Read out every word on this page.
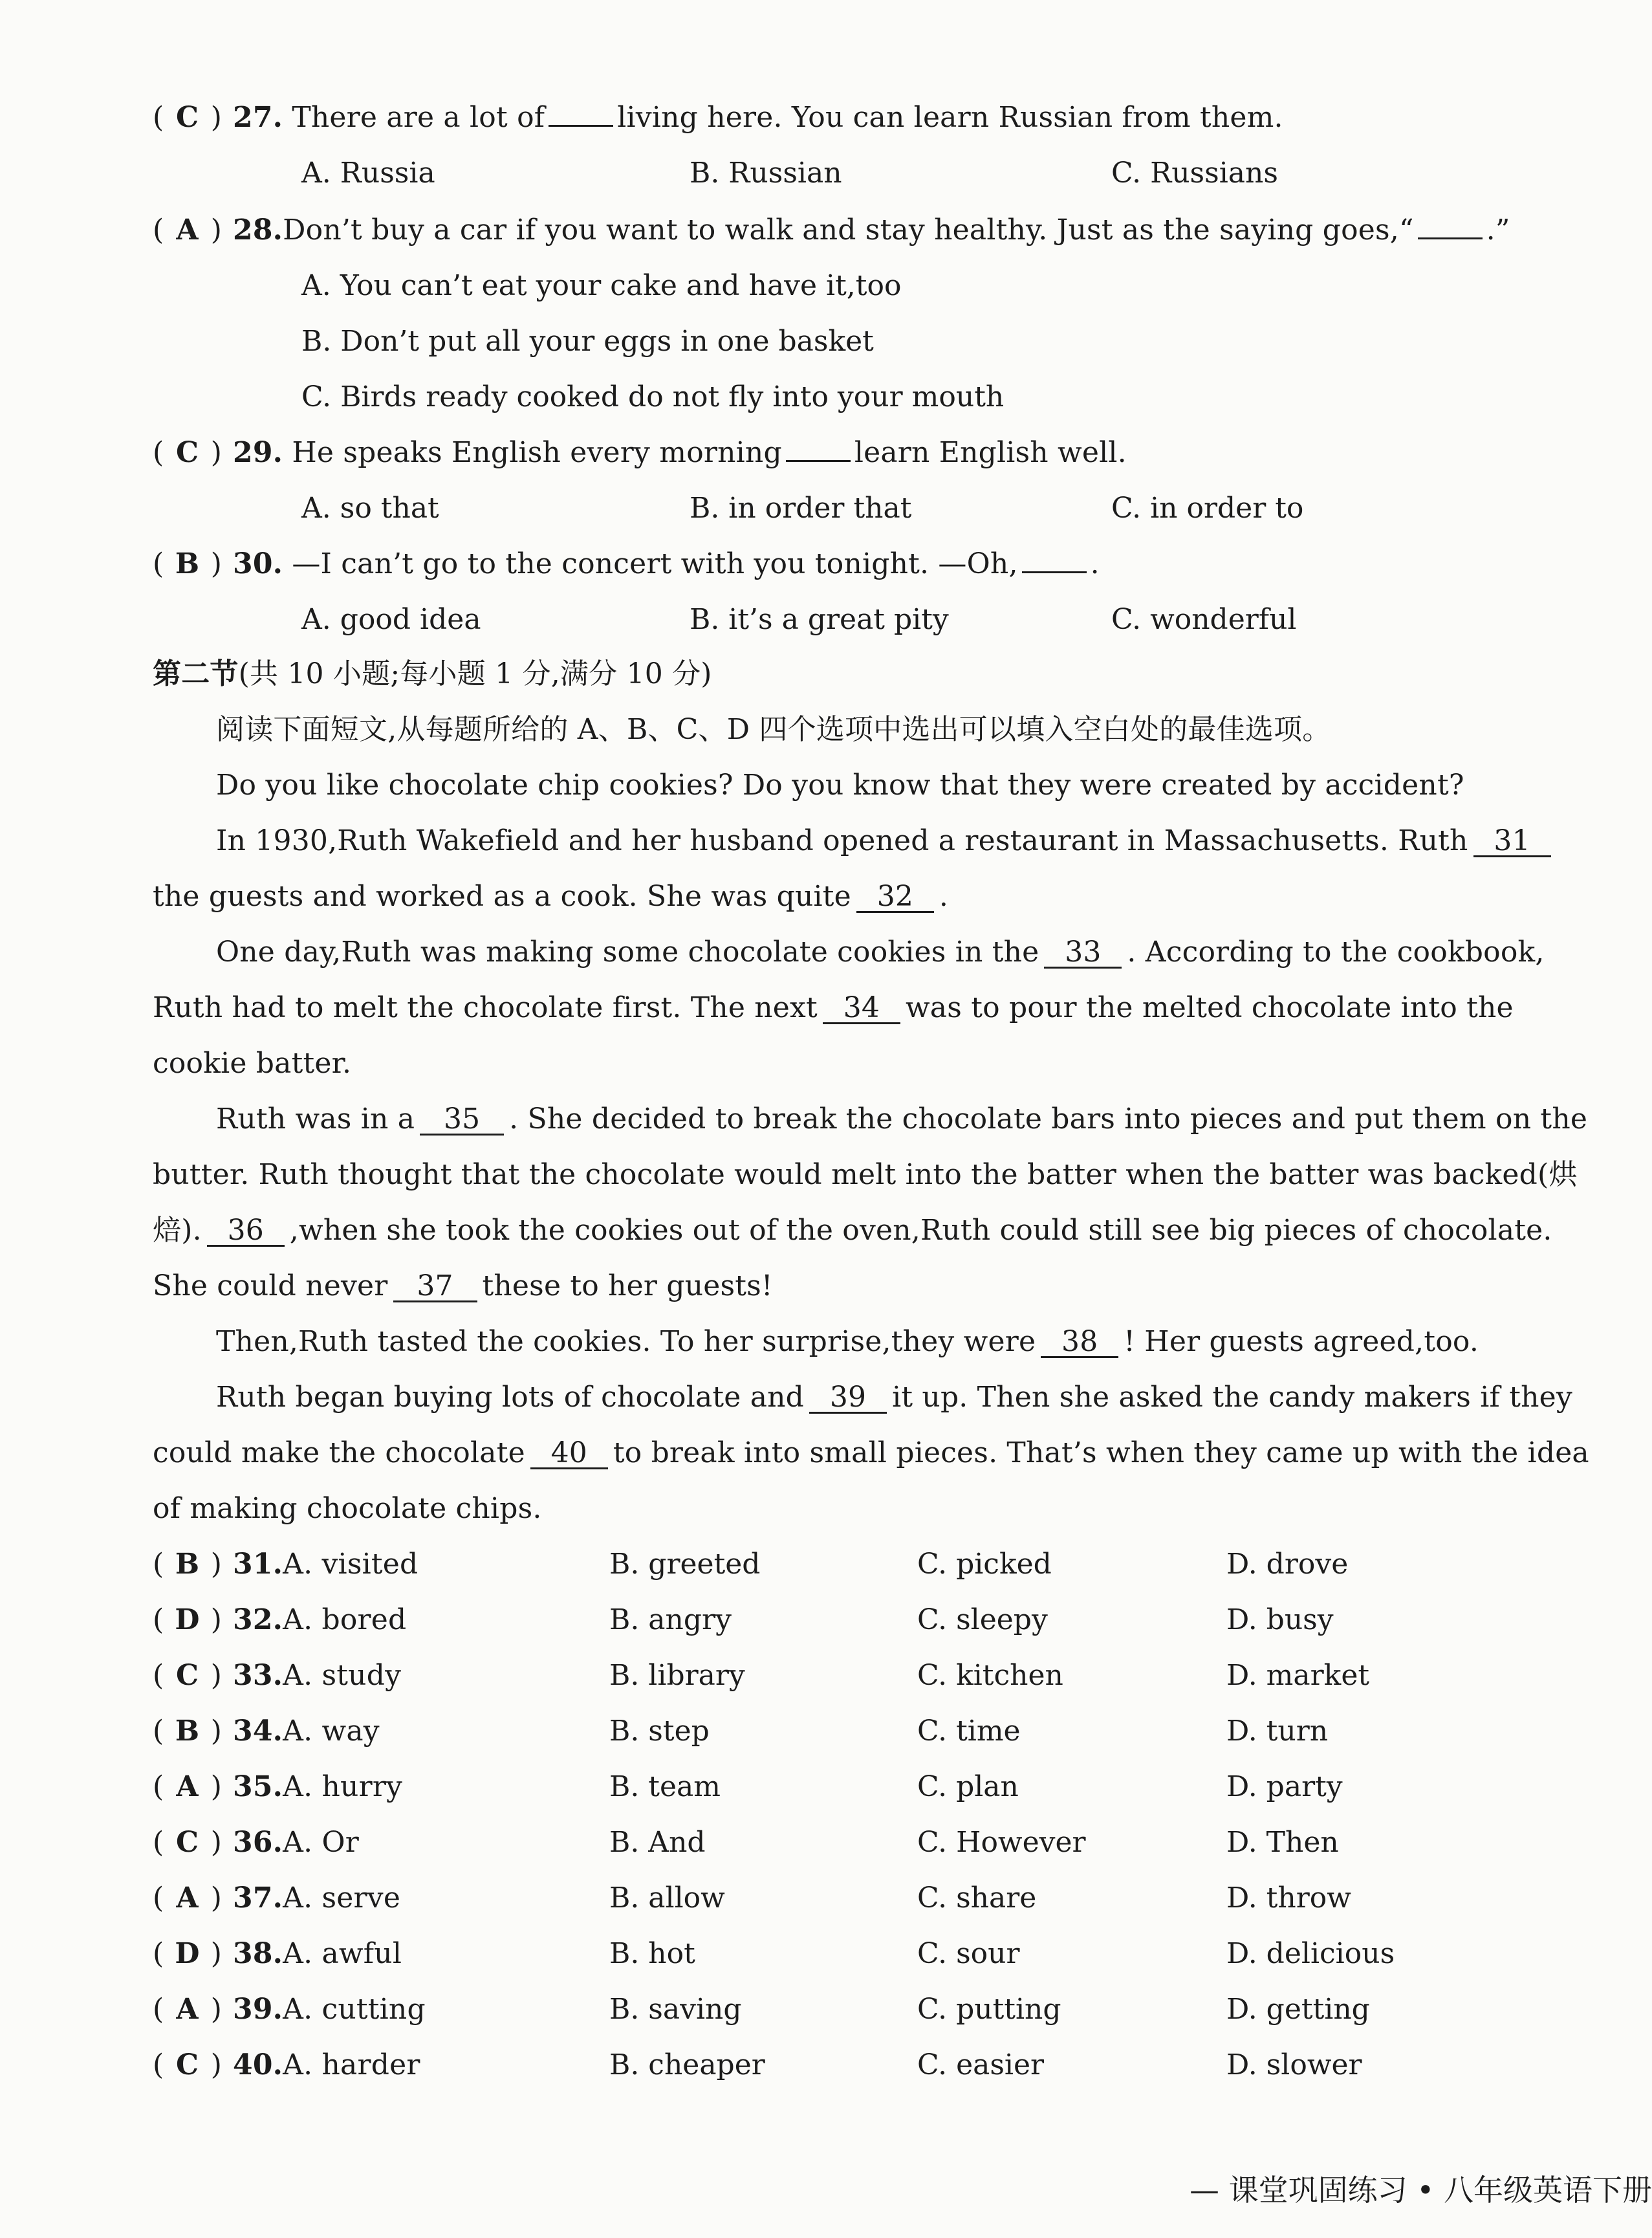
( C ) 27. There are a lot of	living here. You can learn Russian from them.
A. Russia	B. Russian	C. Russians
( A ) 28.Don’t buy a car if you want to walk and stay healthy. Just as the saying goes,“	.”
A. You can’t eat your cake and have it,too
B. Don’t put all your eggs in one basket
C. Birds ready cooked do not fly into your mouth
( C ) 29. He speaks English every morning	learn English well.
A. so that	B. in order that	C. in order to
( B ) 30. —I can’t go to the concert with you tonight. —Oh,	.
A. good idea	B. it’s a great pity	C. wonderful
第二节(共 10 小题;每小题 1 分,满分 10 分)
阅读下面短文,从每题所给的 A、B、C、D 四个选项中选出可以填入空白处的最佳选项。
Do you like chocolate chip cookies? Do you know that they were created by accident?
In 1930,Ruth Wakefield and her husband opened a restaurant in Massachusetts. Ruth 31
the guests and worked as a cook. She was quite 32 .
One day,Ruth was making some chocolate cookies in the 33 . According to the cookbook,
Ruth had to melt the chocolate first. The next 34 was to pour the melted chocolate into the
cookie batter.
Ruth was in a 35 . She decided to break the chocolate bars into pieces and put them on the
butter. Ruth thought that the chocolate would melt into the batter when the batter was backed(烘
焙). 36 ,when she took the cookies out of the oven,Ruth could still see big pieces of chocolate.
She could never 37 these to her guests!
Then,Ruth tasted the cookies. To her surprise,they were 38 ! Her guests agreed,too.
Ruth began buying lots of chocolate and 39 it up. Then she asked the candy makers if they
could make the chocolate 40 to break into small pieces. That’s when they came up with the idea
of making chocolate chips.
( B ) 31.A. visited	B. greeted	C. picked	D. drove
( D ) 32.A. bored	B. angry	C. sleepy	D. busy
( C ) 33.A. study	B. library	C. kitchen	D. market
( B ) 34.A. way	B. step	C. time	D. turn
( A ) 35.A. hurry	B. team	C. plan	D. party
( C ) 36.A. Or	B. And	C. However	D. Then
( A ) 37.A. serve	B. allow	C. share	D. throw
( D ) 38.A. awful	B. hot	C. sour	D. delicious
( A ) 39.A. cutting	B. saving	C. putting	D. getting
( C ) 40.A. harder	B. cheaper	C. easier	D. slower
— 课堂巩固练习 • 八年级英语下册
